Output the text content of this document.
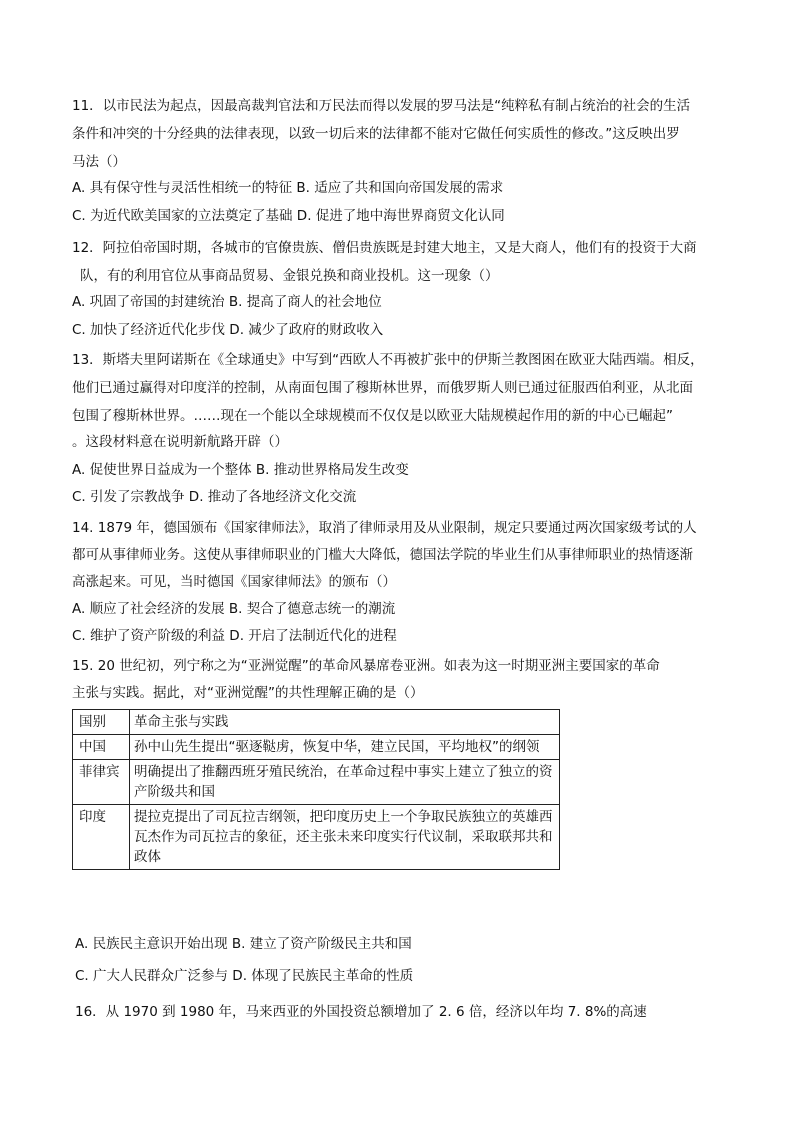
11．以市民法为起点，因最高裁判官法和万民法而得以发展的罗马法是“纯粹私有制占统治的社会的生活
条件和冲突的十分经典的法律表现，以致一切后来的法律都不能对它做任何实质性的修改。”这反映出罗
马法（）
A. 具有保守性与灵活性相统一的特征 B. 适应了共和国向帝国发展的需求
C. 为近代欧美国家的立法奠定了基础 D. 促进了地中海世界商贸文化认同
12．阿拉伯帝国时期，各城市的官僚贵族、僧侣贵族既是封建大地主，又是大商人，他们有的投资于大商
队，有的利用官位从事商品贸易、金银兑换和商业投机。这一现象（）
A. 巩固了帝国的封建统治 B. 提高了商人的社会地位
C. 加快了经济近代化步伐 D. 减少了政府的财政收入
13．斯塔夫里阿诺斯在《全球通史》中写到“西欧人不再被扩张中的伊斯兰教图困在欧亚大陆西端。相反，
他们已通过赢得对印度洋的控制，从南面包围了穆斯林世界，而俄罗斯人则已通过征服西伯利亚，从北面
包围了穆斯林世界。……现在一个能以全球规模而不仅仅是以欧亚大陆规模起作用的新的中心已崛起”
。这段材料意在说明新航路开辟（）
A. 促使世界日益成为一个整体 B. 推动世界格局发生改变
C. 引发了宗教战争 D. 推动了各地经济文化交流
14. 1879 年，德国颁布《国家律师法》，取消了律师录用及从业限制，规定只要通过两次国家级考试的人
都可从事律师业务。这使从事律师职业的门槛大大降低，德国法学院的毕业生们从事律师职业的热情逐渐
高涨起来。可见，当时德国《国家律师法》的颁布（）
A. 顺应了社会经济的发展 B. 契合了德意志统一的潮流
C. 维护了资产阶级的利益 D. 开启了法制近代化的进程
15. 20 世纪初，列宁称之为“亚洲觉醒”的革命风暴席卷亚洲。如表为这一时期亚洲主要国家的革命
主张与实践。据此，对“亚洲觉醒”的共性理解正确的是（）
国别	革命主张与实践
中国	孙中山先生提出“驱逐鞑虏，恢复中华，建立民国，平均地权”的纲领
菲律宾	明确提出了推翻西班牙殖民统治，在革命过程中事实上建立了独立的资产阶级共和国
印度	提拉克提出了司瓦拉吉纲领，把印度历史上一个争取民族独立的英雄西瓦杰作为司瓦拉吉的象征，还主张未来印度实行代议制，采取联邦共和政体
A. 民族民主意识开始出现 B. 建立了资产阶级民主共和国
C. 广大人民群众广泛参与 D. 体现了民族民主革命的性质
16．从 1970 到 1980 年，马来西亚的外国投资总额增加了 2. 6 倍，经济以年均 7. 8%的高速
